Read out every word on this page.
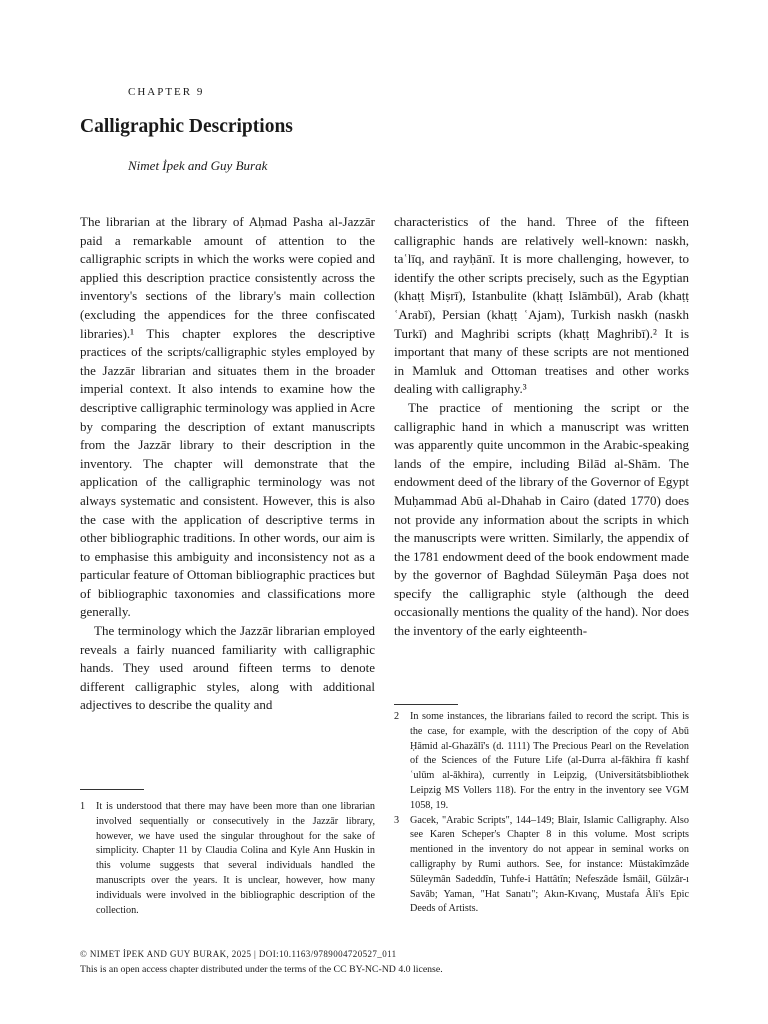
CHAPTER 9
Calligraphic Descriptions
Nimet İpek and Guy Burak

The librarian at the library of Aḥmad Pasha al-Jazzār paid a remarkable amount of attention to the calligraphic scripts in which the works were copied and applied this description practice consistently across the inventory's sections of the library's main collection (excluding the appendices for the three confiscated libraries).¹ This chapter explores the descriptive practices of the scripts/calligraphic styles employed by the Jazzār librarian and situates them in the broader imperial context. It also intends to examine how the descriptive calligraphic terminology was applied in Acre by comparing the description of extant manuscripts from the Jazzār library to their description in the inventory. The chapter will demonstrate that the application of the calligraphic terminology was not always systematic and consistent. However, this is also the case with the application of descriptive terms in other bibliographic traditions. In other words, our aim is to emphasise this ambiguity and inconsistency not as a particular feature of Ottoman bibliographic practices but of bibliographic taxonomies and classifications more generally.

The terminology which the Jazzār librarian employed reveals a fairly nuanced familiarity with calligraphic hands. They used around fifteen terms to denote different calligraphic styles, along with additional adjectives to describe the quality and

characteristics of the hand. Three of the fifteen calligraphic hands are relatively well-known: naskh, taʿlīq, and rayḥānī. It is more challenging, however, to identify the other scripts precisely, such as the Egyptian (khaṭṭ Miṣrī), Istanbulite (khaṭṭ Islāmbūl), Arab (khaṭṭ ʿArabī), Persian (khaṭṭ ʿAjam), Turkish naskh (naskh Turkī) and Maghribi scripts (khaṭṭ Maghribī).² It is important that many of these scripts are not mentioned in Mamluk and Ottoman treatises and other works dealing with calligraphy.³

The practice of mentioning the script or the calligraphic hand in which a manuscript was written was apparently quite uncommon in the Arabic-speaking lands of the empire, including Bilād al-Shām. The endowment deed of the library of the Governor of Egypt Muḥammad Abū al-Dhahab in Cairo (dated 1770) does not provide any information about the scripts in which the manuscripts were written. Similarly, the appendix of the 1781 endowment deed of the book endowment made by the governor of Baghdad Süleymān Paşa does not specify the calligraphic style (although the deed occasionally mentions the quality of the hand). Nor does the inventory of the early eighteenth-

1	It is understood that there may have been more than one librarian involved sequentially or consecutively in the Jazzār library, however, we have used the singular throughout for the sake of simplicity. Chapter 11 by Claudia Colina and Kyle Ann Huskin in this volume suggests that several individuals handled the manuscripts over the years. It is unclear, however, how many individuals were involved in the bibliographic description of the collection.
2	In some instances, the librarians failed to record the script. This is the case, for example, with the description of the copy of Abū Ḥāmid al-Ghazālī's (d. 1111) The Precious Pearl on the Revelation of the Sciences of the Future Life (al-Durra al-fākhira fī kashf ʿulūm al-ākhira), currently in Leipzig, (Universitätsbibliothek Leipzig MS Vollers 118). For the entry in the inventory see VGM 1058, 19.
3	Gacek, "Arabic Scripts", 144–149; Blair, Islamic Calligraphy. Also see Karen Scheper's Chapter 8 in this volume. Most scripts mentioned in the inventory do not appear in seminal works on calligraphy by Rumi authors. See, for instance: Müstakîmzâde Süleymân Sadeddîn, Tuhfe-i Hattâtîn; Nefeszâde İsmâil, Gülzâr-ı Savâb; Yaman, "Hat Sanatı"; Akın-Kıvanç, Mustafa Âli's Epic Deeds of Artists.
© NIMET İPEK AND GUY BURAK, 2025 | DOI:10.1163/9789004720527_011
This is an open access chapter distributed under the terms of the CC BY-NC-ND 4.0 license.
